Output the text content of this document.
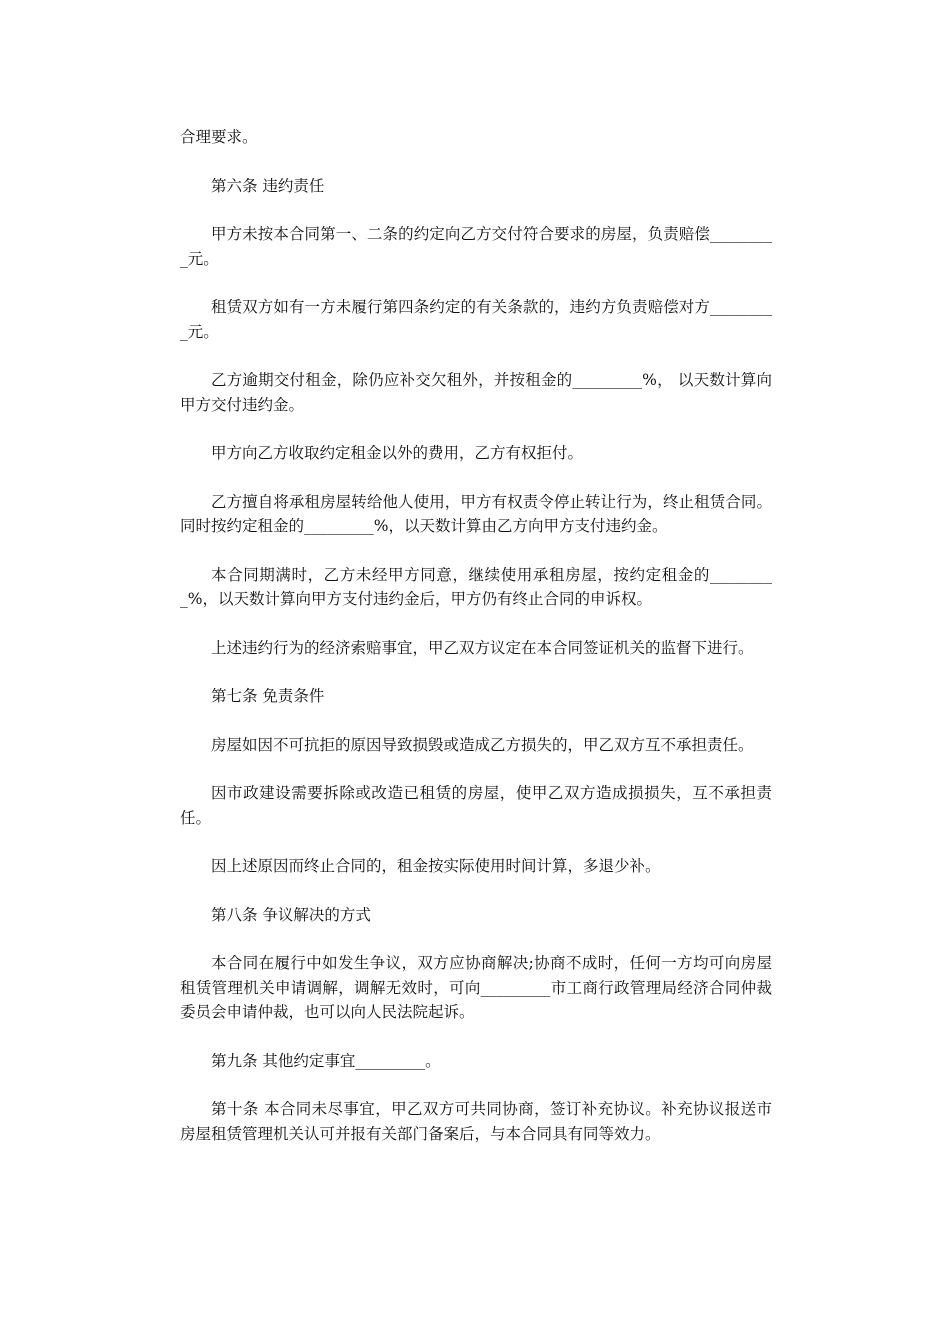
合理要求。

第六条 违约责任

甲方未按本合同第一、二条的约定向乙方交付符合要求的房屋，负责赔偿_________元。

租赁双方如有一方未履行第四条约定的有关条款的，违约方负责赔偿对方_________元。

乙方逾期交付租金，除仍应补交欠租外，并按租金的_________%， 以天数计算向甲方交付违约金。

甲方向乙方收取约定租金以外的费用，乙方有权拒付。

乙方擅自将承租房屋转给他人使用，甲方有权责令停止转让行为，终止租赁合同。同时按约定租金的_________%，以天数计算由乙方向甲方支付违约金。

本合同期满时，乙方未经甲方同意，继续使用承租房屋，按约定租金的_________%，以天数计算向甲方支付违约金后，甲方仍有终止合同的申诉权。

上述违约行为的经济索赔事宜，甲乙双方议定在本合同签证机关的监督下进行。

第七条 免责条件

房屋如因不可抗拒的原因导致损毁或造成乙方损失的，甲乙双方互不承担责任。

因市政建设需要拆除或改造已租赁的房屋，使甲乙双方造成损损失，互不承担责任。

因上述原因而终止合同的，租金按实际使用时间计算，多退少补。

第八条 争议解决的方式

本合同在履行中如发生争议，双方应协商解决;协商不成时，任何一方均可向房屋租赁管理机关申请调解，调解无效时，可向_________市工商行政管理局经济合同仲裁委员会申请仲裁，也可以向人民法院起诉。

第九条 其他约定事宜_________。

第十条 本合同未尽事宜，甲乙双方可共同协商，签订补充协议。补充协议报送市房屋租赁管理机关认可并报有关部门备案后，与本合同具有同等效力。
